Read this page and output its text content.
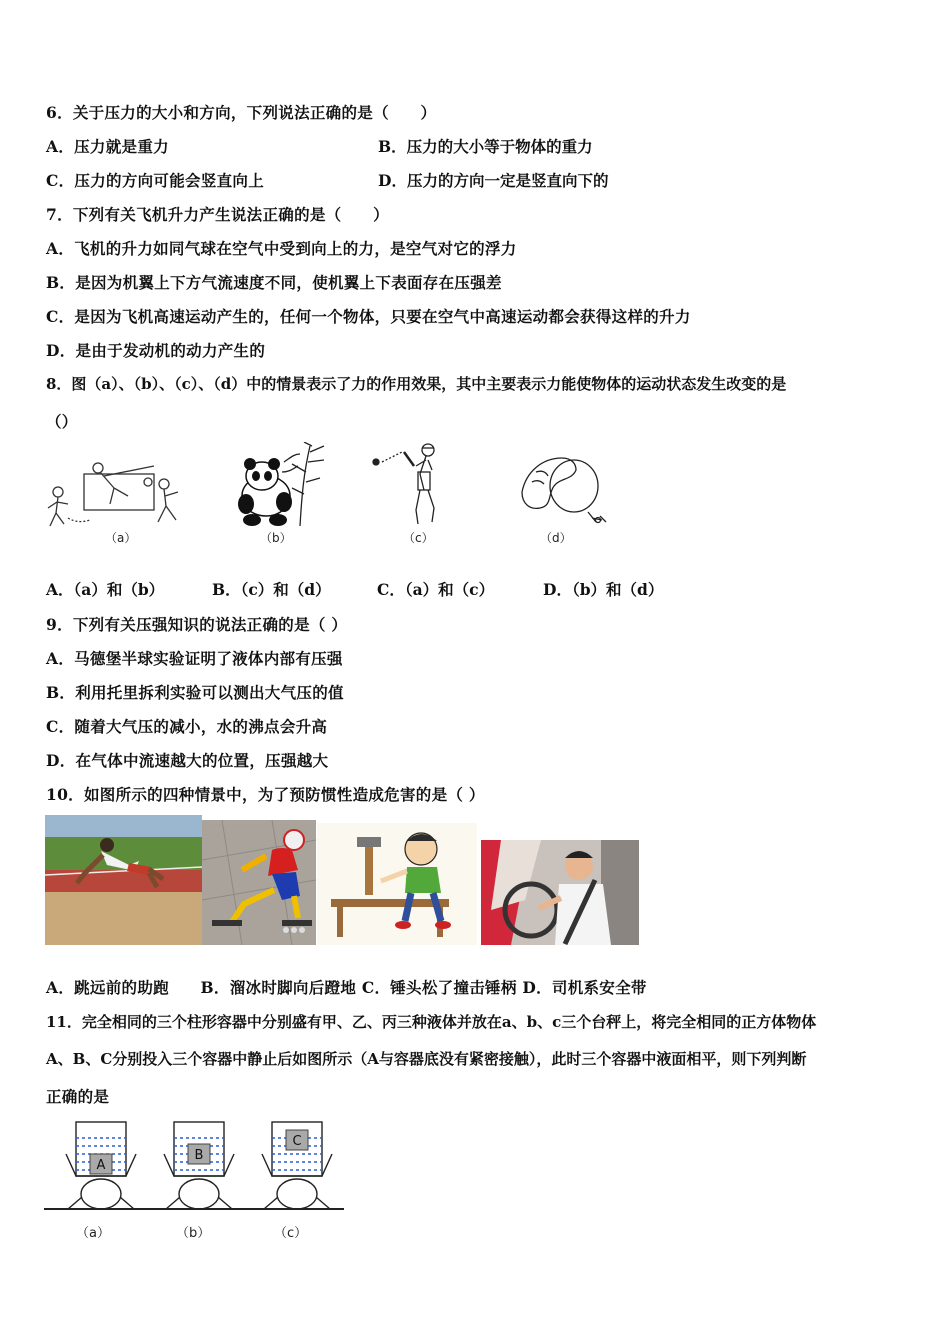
6．关于压力的大小和方向，下列说法正确的是（　　）
A．压力就是重力	B．压力的大小等于物体的重力
C．压力的方向可能会竖直向上	D．压力的方向一定是竖直向下的
7．下列有关飞机升力产生说法正确的是（　　）
A．飞机的升力如同气球在空气中受到向上的力，是空气对它的浮力
B．是因为机翼上下方气流速度不同，使机翼上下表面存在压强差
C．是因为飞机高速运动产生的，任何一个物体，只要在空气中高速运动都会获得这样的升力
D．是由于发动机的动力产生的
8．图（a）、（b）、（c）、（d）中的情景表示了力的作用效果，其中主要表示力能使物体的运动状态发生改变的是
（）
（a）	（b）	（c）	（d）
A．（a）和（b）	B．（c）和（d）	C．（a）和（c）	D．（b）和（d）
9．下列有关压强知识的说法正确的是（ ）
A．马德堡半球实验证明了液体内部有压强
B．利用托里拆利实验可以测出大气压的值
C．随着大气压的减小，水的沸点会升高
D．在气体中流速越大的位置，压强越大
10．如图所示的四种情景中，为了预防惯性造成危害的是（ ）
A．跳远前的助跑　　B．溜冰时脚向后蹬地 C．锤头松了撞击锤柄 D．司机系安全带
11．完全相同的三个柱形容器中分别盛有甲、乙、丙三种液体并放在a、b、c三个台秤上，将完全相同的正方体物体
A、B、C分别投入三个容器中静止后如图所示（A与容器底没有紧密接触），此时三个容器中液面相平，则下列判断
正确的是
A
B
C
（a）	（b）	（c）
